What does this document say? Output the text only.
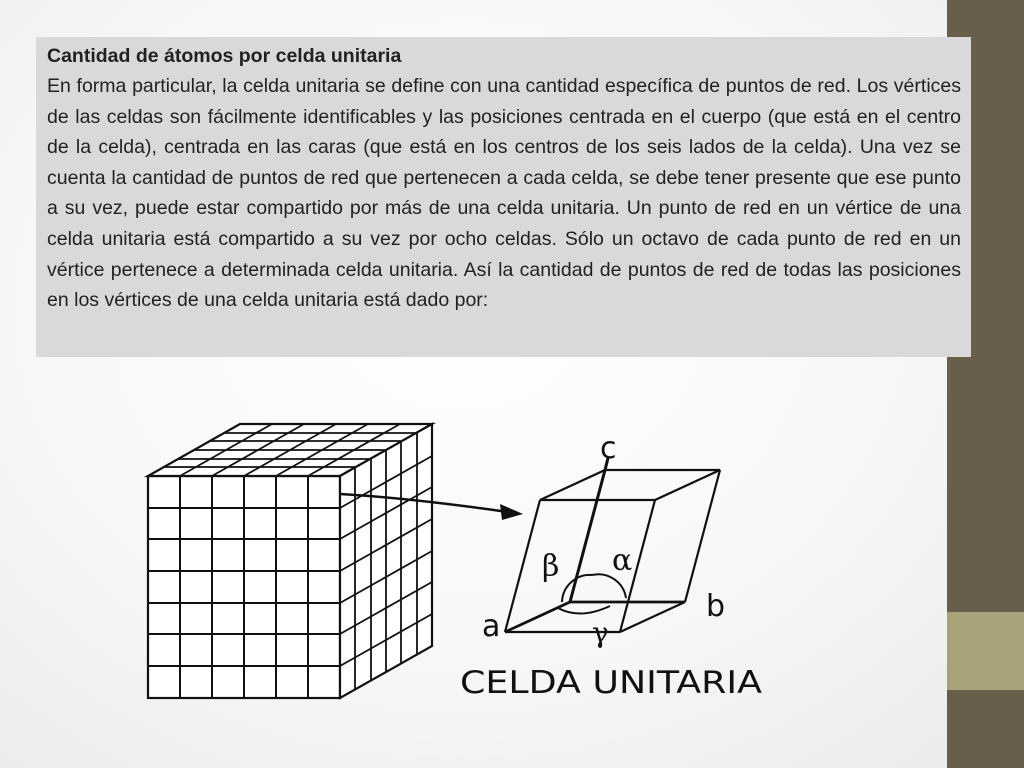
Cantidad de átomos por celda unitaria

En forma particular, la celda unitaria se define con una cantidad específica de puntos de red. Los vértices de las celdas son fácilmente identificables y las posiciones centrada en el cuerpo (que está en el centro de la celda), centrada en las caras (que está en los centros de los seis lados de la celda). Una vez se cuenta la cantidad de puntos de red que pertenecen a cada celda, se debe tener presente que ese punto a su vez, puede estar compartido por más de una celda unitaria. Un punto de red en un vértice de una celda unitaria está compartido a su vez por ocho celdas. Sólo un octavo de cada punto de red en un vértice pertenece a determinada celda unitaria. Así la cantidad de puntos de red de todas las posiciones en los vértices de una celda unitaria está dado por:

c
a
b
β α
γ
CELDA UNITARIA
